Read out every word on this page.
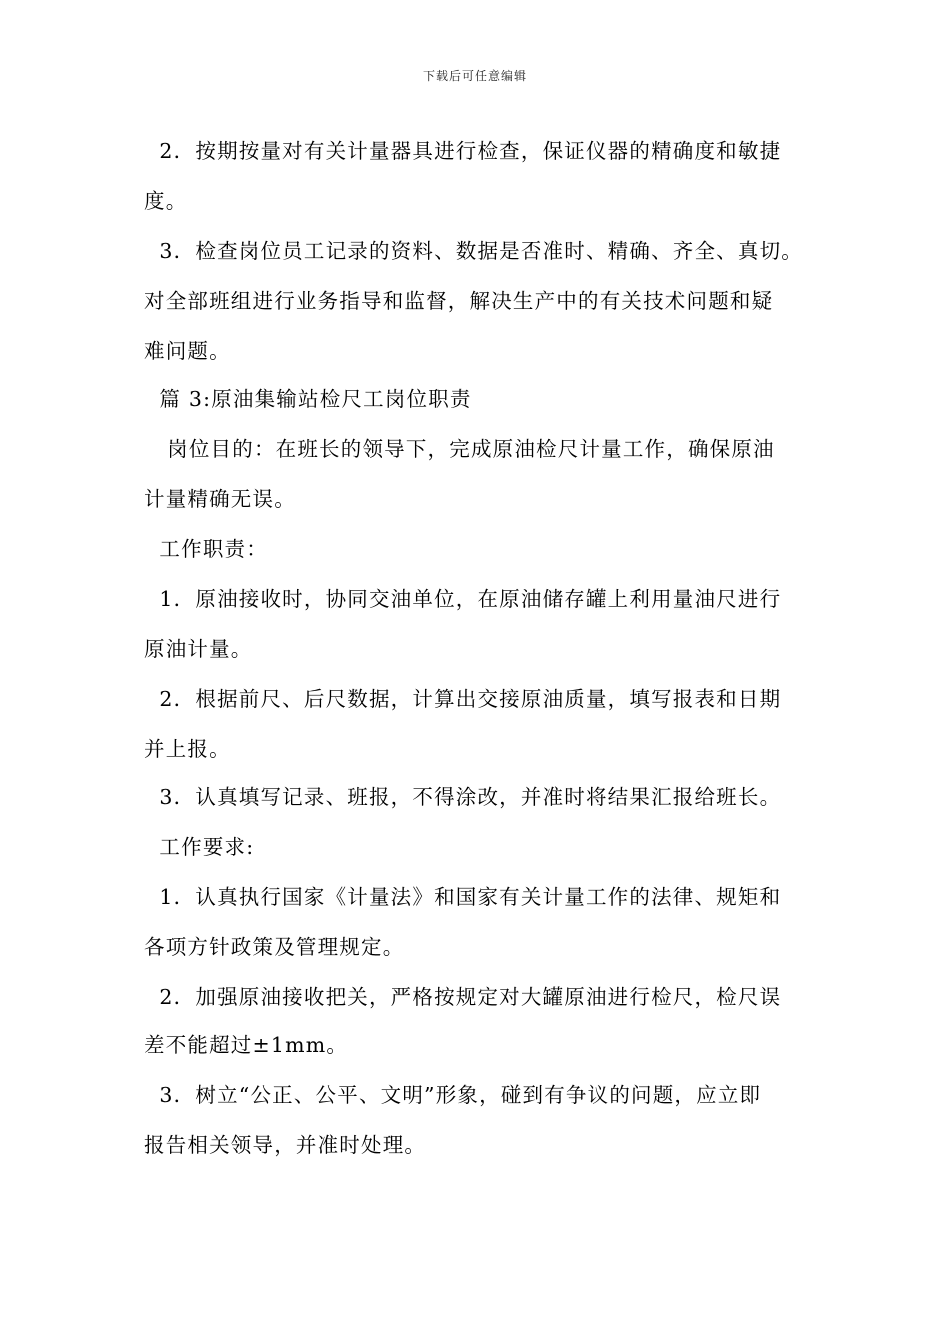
下载后可任意编辑
2．按期按量对有关计量器具进行检查，保证仪器的精确度和敏捷
度。
3．检查岗位员工记录的资料、数据是否准时、精确、齐全、真切。
对全部班组进行业务指导和监督，解决生产中的有关技术问题和疑
难问题。
篇 3:原油集输站检尺工岗位职责
岗位目的：在班长的领导下，完成原油检尺计量工作，确保原油
计量精确无误。
工作职责：
1．原油接收时，协同交油单位，在原油储存罐上利用量油尺进行
原油计量。
2．根据前尺、后尺数据，计算出交接原油质量，填写报表和日期
并上报。
3．认真填写记录、班报，不得涂改，并准时将结果汇报给班长。
工作要求:
1．认真执行国家《计量法》和国家有关计量工作的法律、规矩和
各项方针政策及管理规定。
2．加强原油接收把关，严格按规定对大罐原油进行检尺，检尺误
差不能超过±1mm。
3．树立“公正、公平、文明”形象，碰到有争议的问题，应立即
报告相关领导，并准时处理。
